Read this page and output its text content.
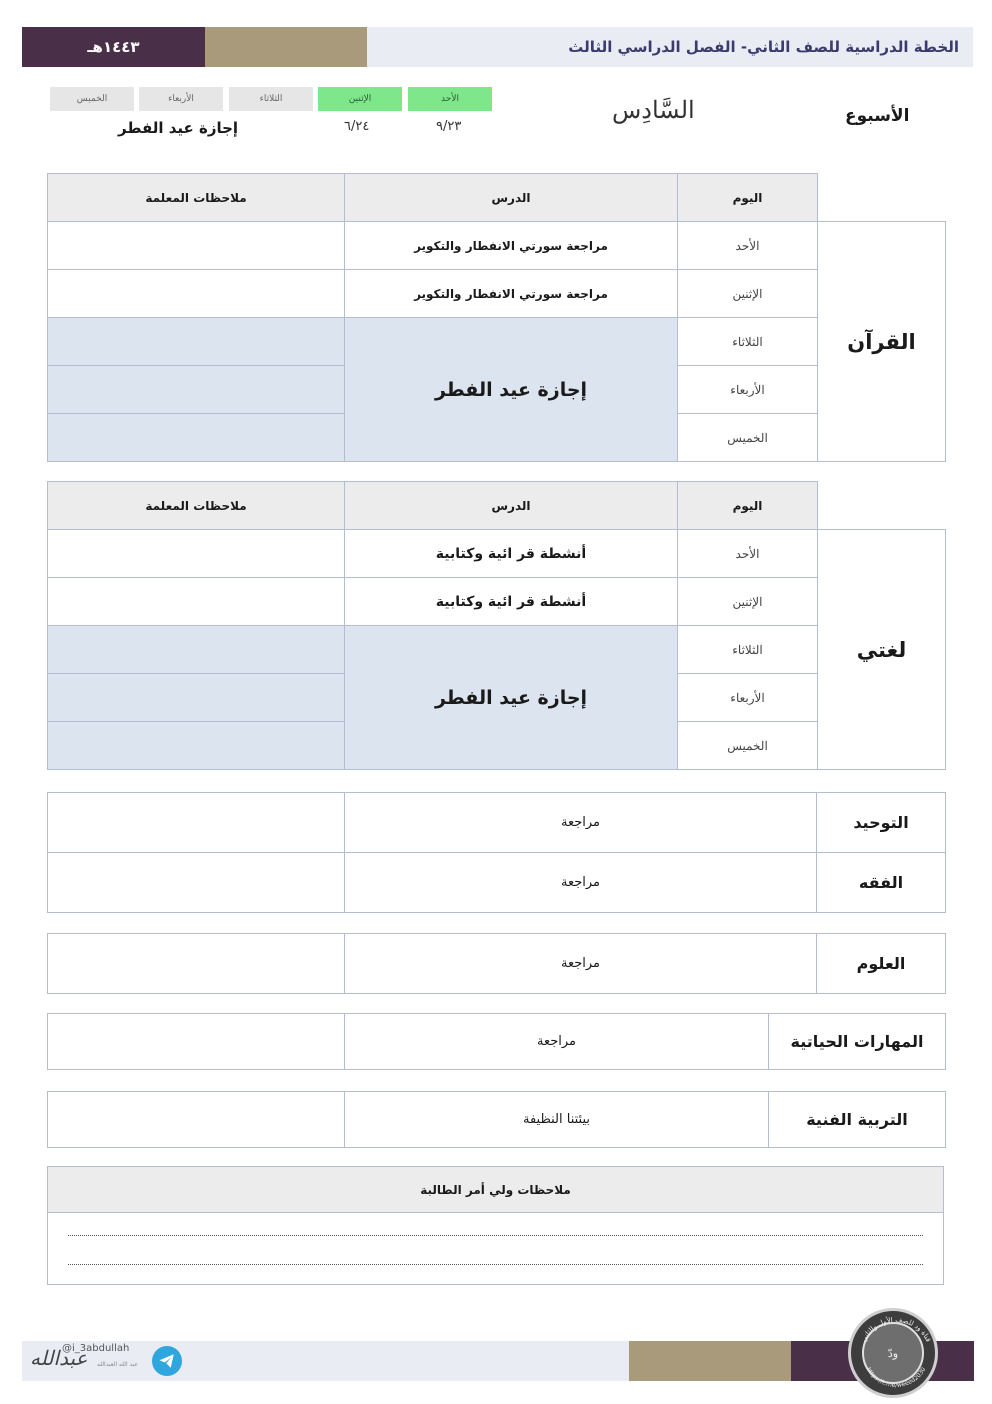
١٤٤٣هـ	الخطة الدراسية للصف الثاني- الفصل الدراسي الثالث
الخميس	الأربعاء	الثلاثاء	الإثنين	الأحد
إجازة عيد الفطر	٦/٢٤	٩/٢٣
السَّادِس	الأسبوع
ملاحظات المعلمة	الدرس	اليوم	
	مراجعة سورتي الانفطار والتكوير	الأحد	القرآن
	مراجعة سورتي الانفطار والتكوير	الإثنين	
	إجازة عيد الفطر	الثلاثاء	
		الأربعاء	
		الخميس	
ملاحظات المعلمة	الدرس	اليوم	
	أنشطة قر ائية وكتابية	الأحد	لغتي
	أنشطة قر ائية وكتابية	الإثنين	
	إجازة عيد الفطر	الثلاثاء	
		الأربعاء	
		الخميس	
	مراجعة	التوحيد
	مراجعة	الفقه
	مراجعة	العلوم
	مراجعة	المهارات الحياتية
	بيئتنا النظيفة	التربية الفنية
ملاحظات ولي أمر الطالبة
عبدالله
@i_3abdullah
عبد الله العبدالله
قناة ود للصف الأول والثاني
https://t.me/weeed2030
ودّ
